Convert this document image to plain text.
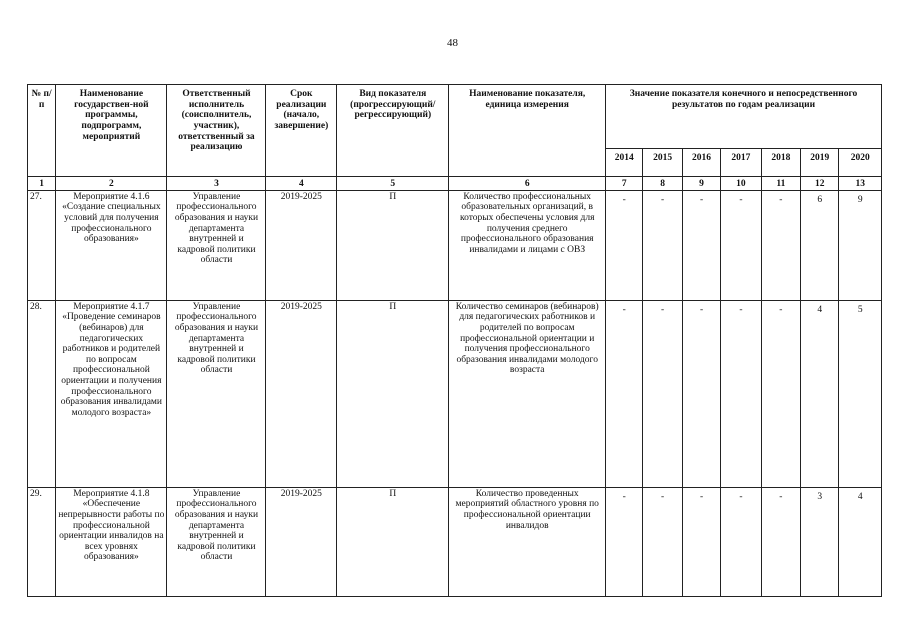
48
№ п/п	Наименование государствен-ной программы, подпрограмм, мероприятий	Ответственный исполнитель (соисполнитель, участник), ответственный за реализацию	Срок реализации (начало, завершение)	Вид показателя (прогрессирующий/ регрессирующий)	Наименование показателя, единица измерения	Значение показателя конечного и непосредственного результатов по годам реализации						
						2014	2015	2016	2017	2018	2019	2020
1	2	3	4	5	6	7	8	9	10	11	12	13
27.	Мероприятие 4.1.6 «Создание специальных условий для получения профессионального образования»	Управление профессионального образования и науки департамента внутренней и кадровой политики области	2019-2025	П	Количество профессиональных образовательных организаций, в которых обеспечены условия для получения среднего профессионального образования инвалидами и лицами с ОВЗ	-	-	-	-	-	6	9
28.	Мероприятие 4.1.7 «Проведение семинаров (вебинаров) для педагогических работников и родителей по вопросам профессиональной ориентации и получения профессионального образования инвалидами молодого возраста»	Управление профессионального образования и науки департамента внутренней и кадровой политики области	2019-2025	П	Количество семинаров (вебинаров) для педагогических работников и родителей по вопросам профессиональной ориентации и получения профессионального образования инвалидами молодого возраста	-	-	-	-	-	4	5
29.	Мероприятие 4.1.8 «Обеспечение непрерывности работы по профессиональной ориентации инвалидов на всех уровнях образования»	Управление профессионального образования и науки департамента внутренней и кадровой политики области	2019-2025	П	Количество проведенных мероприятий областного уровня по профессиональной ориентации инвалидов	-	-	-	-	-	3	4
